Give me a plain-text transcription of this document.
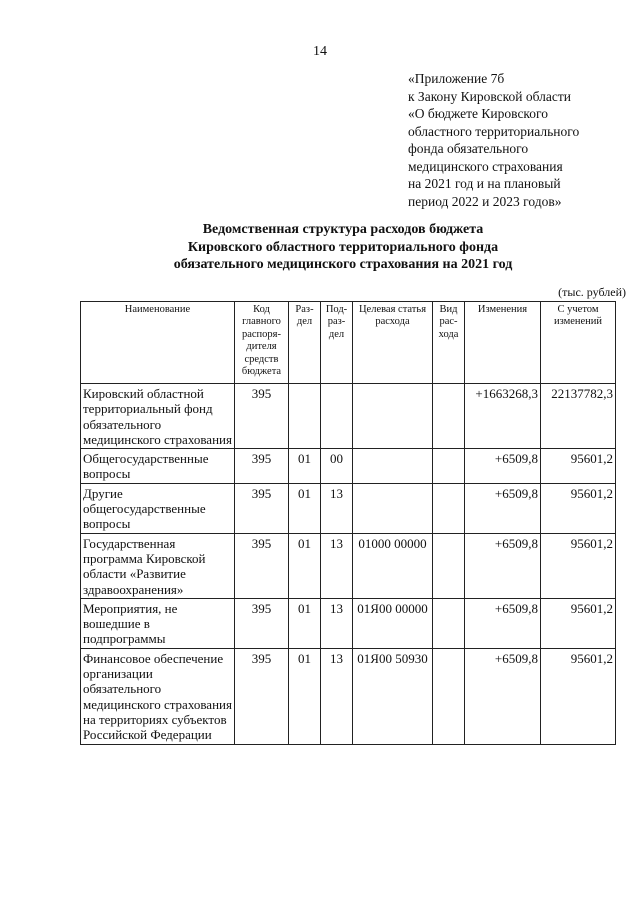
14
«Приложение 7б
к Закону Кировской области
«О бюджете Кировского
областного территориального
фонда обязательного
медицинского страхования
на 2021 год и на плановый
период 2022 и 2023 годов»
Ведомственная структура расходов бюджета
Кировского областного территориального фонда
обязательного медицинского страхования на 2021 год
(тыс. рублей)
Наименование	Код главного распоря-дителя средств бюджета	Раз-дел	Под-раз-дел	Целевая статья расхода	Вид рас-хода	Изменения	С учетом изменений
Кировский областной территориальный фонд обязательного медицинского страхования	395					+1663268,3	22137782,3
Общегосударственные вопросы	395	01	00			+6509,8	95601,2
Другие общегосударственные вопросы	395	01	13			+6509,8	95601,2
Государственная программа Кировской области «Развитие здравоохранения»	395	01	13	01000 00000		+6509,8	95601,2
Мероприятия, не вошедшие в подпрограммы	395	01	13	01Я00 00000		+6509,8	95601,2
Финансовое обеспечение организации обязательного медицинского страхования на территориях субъектов Российской Федерации	395	01	13	01Я00 50930		+6509,8	95601,2
